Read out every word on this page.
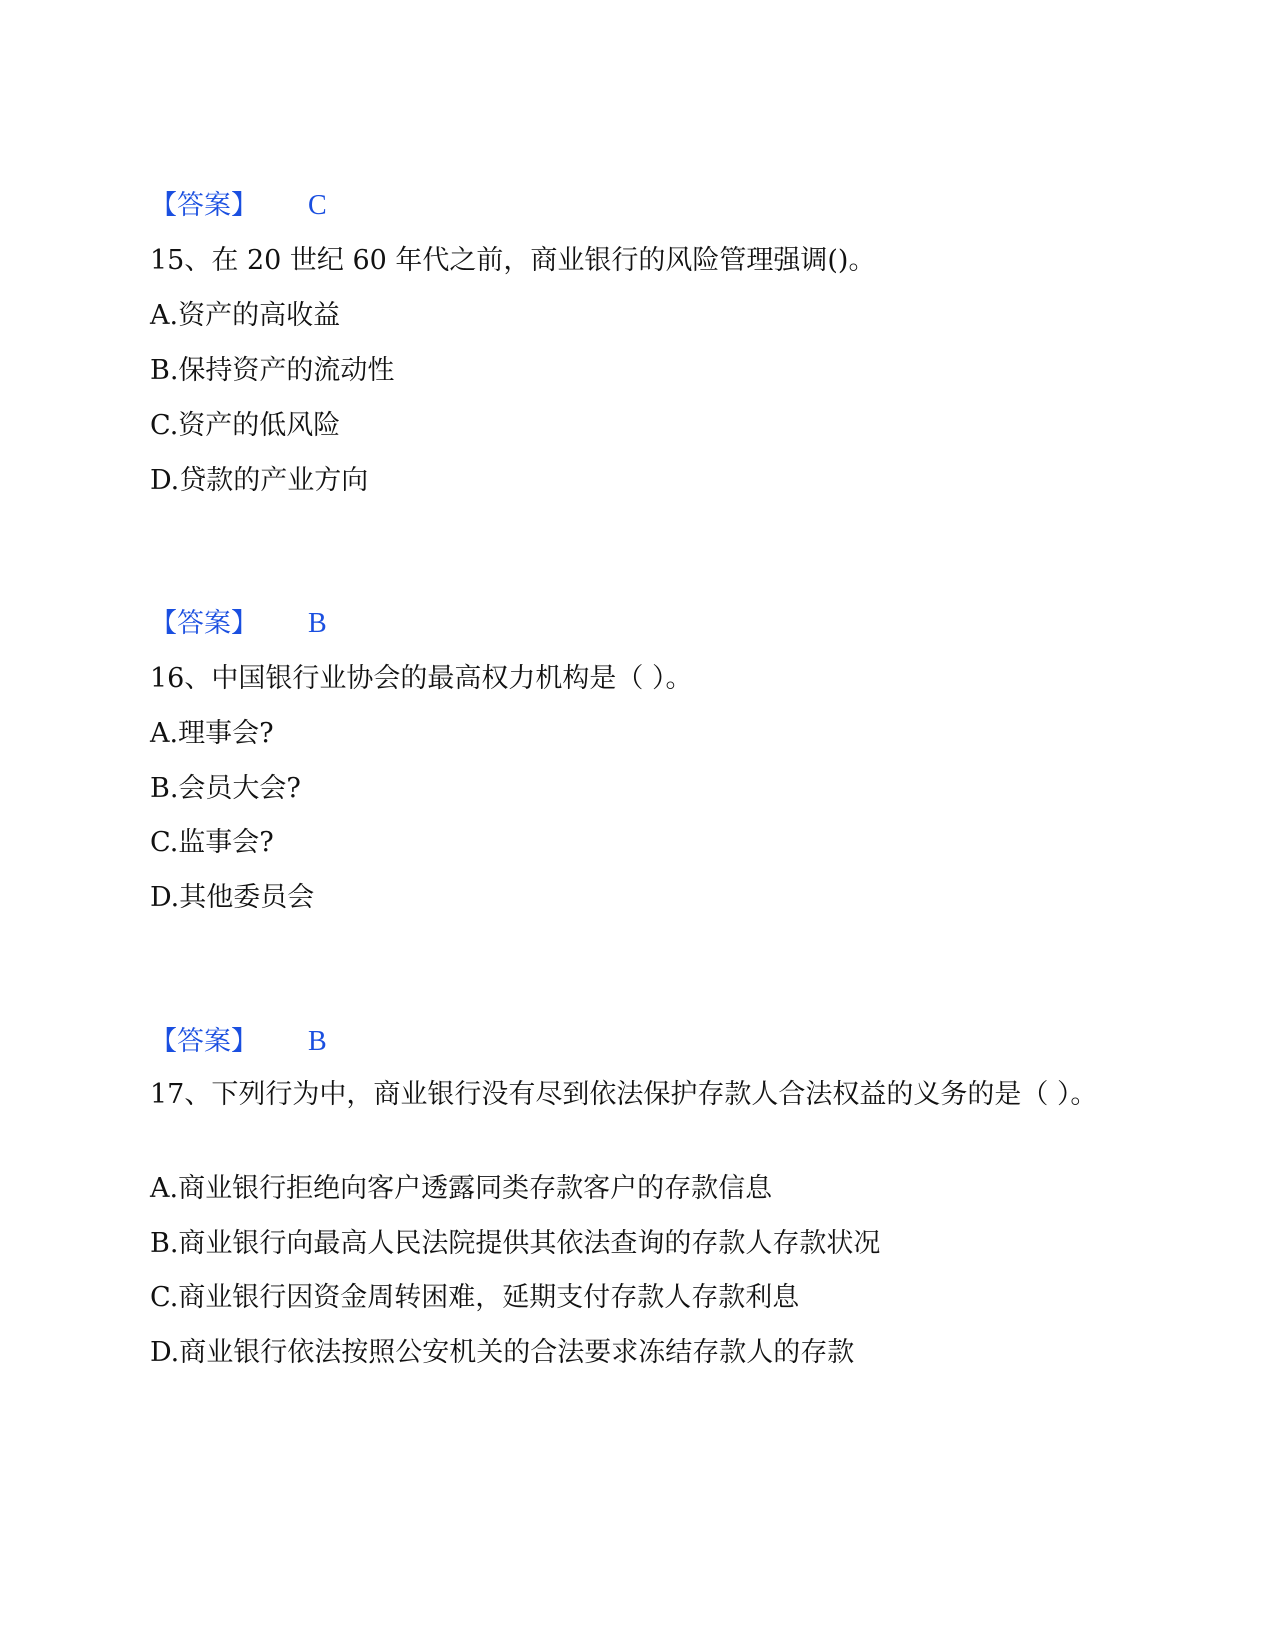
【答案】 C
15、在 20 世纪 60 年代之前，商业银行的风险管理强调()。
A.资产的高收益
B.保持资产的流动性
C.资产的低风险
D.贷款的产业方向
【答案】 B
16、中国银行业协会的最高权力机构是（ ）。
A.理事会?
B.会员大会?
C.监事会?
D.其他委员会
【答案】 B
17、下列行为中，商业银行没有尽到依法保护存款人合法权益的义务的是（ ）。
A.商业银行拒绝向客户透露同类存款客户的存款信息
B.商业银行向最高人民法院提供其依法查询的存款人存款状况
C.商业银行因资金周转困难，延期支付存款人存款利息
D.商业银行依法按照公安机关的合法要求冻结存款人的存款
